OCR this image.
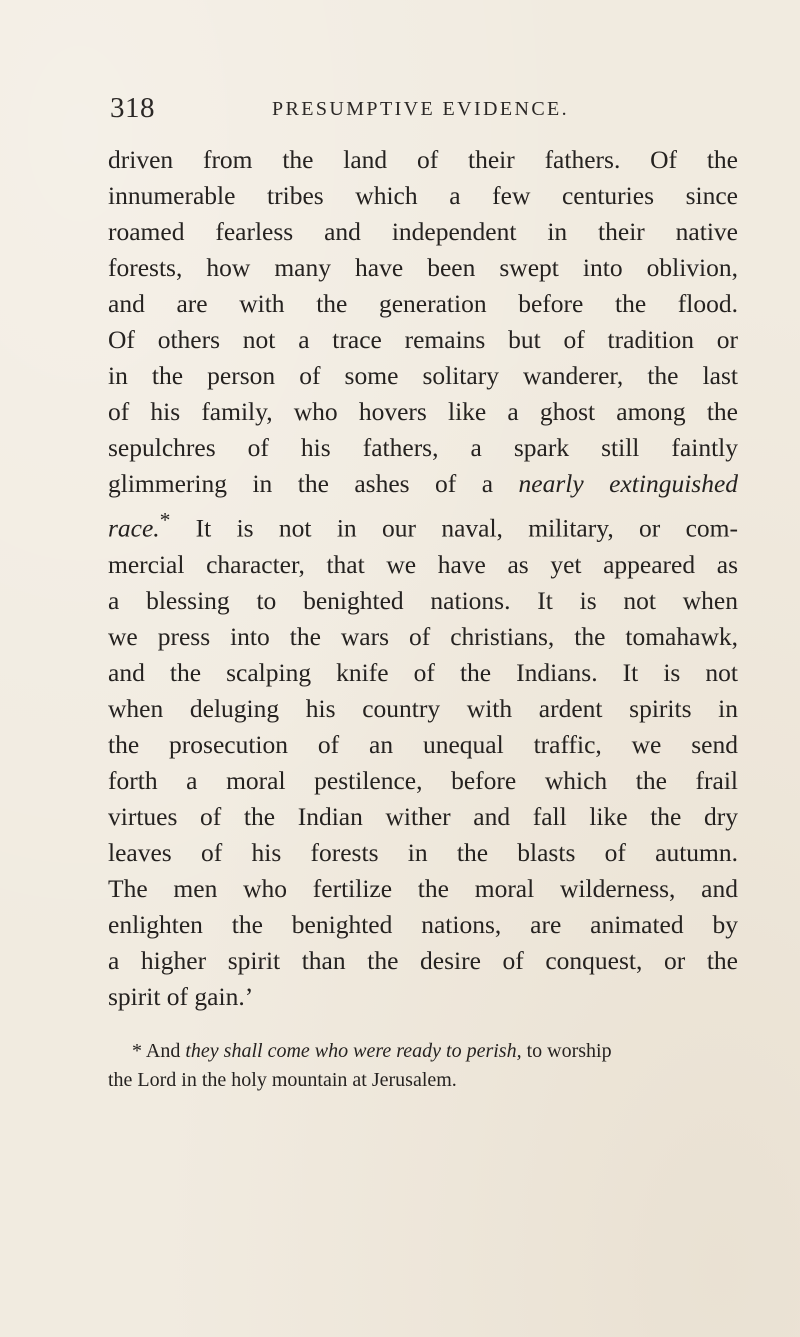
318	PRESUMPTIVE EVIDENCE.
driven from the land of their fathers. Of the
innumerable tribes which a few centuries since
roamed fearless and independent in their native
forests, how many have been swept into oblivion,
and are with the generation before the flood.
Of others not a trace remains but of tradition or
in the person of some solitary wanderer, the last
of his family, who hovers like a ghost among the
sepulchres of his fathers, a spark still faintly
glimmering in the ashes of a nearly extinguished
race.* It is not in our naval, military, or com-
mercial character, that we have as yet appeared as
a blessing to benighted nations. It is not when
we press into the wars of christians, the tomahawk,
and the scalping knife of the Indians. It is not
when deluging his country with ardent spirits in
the prosecution of an unequal traffic, we send
forth a moral pestilence, before which the frail
virtues of the Indian wither and fall like the dry
leaves of his forests in the blasts of autumn.
The men who fertilize the moral wilderness, and
enlighten the benighted nations, are animated by
a higher spirit than the desire of conquest, or the
spirit of gain.’
* And they shall come who were ready to perish, to worship
the Lord in the holy mountain at Jerusalem.
